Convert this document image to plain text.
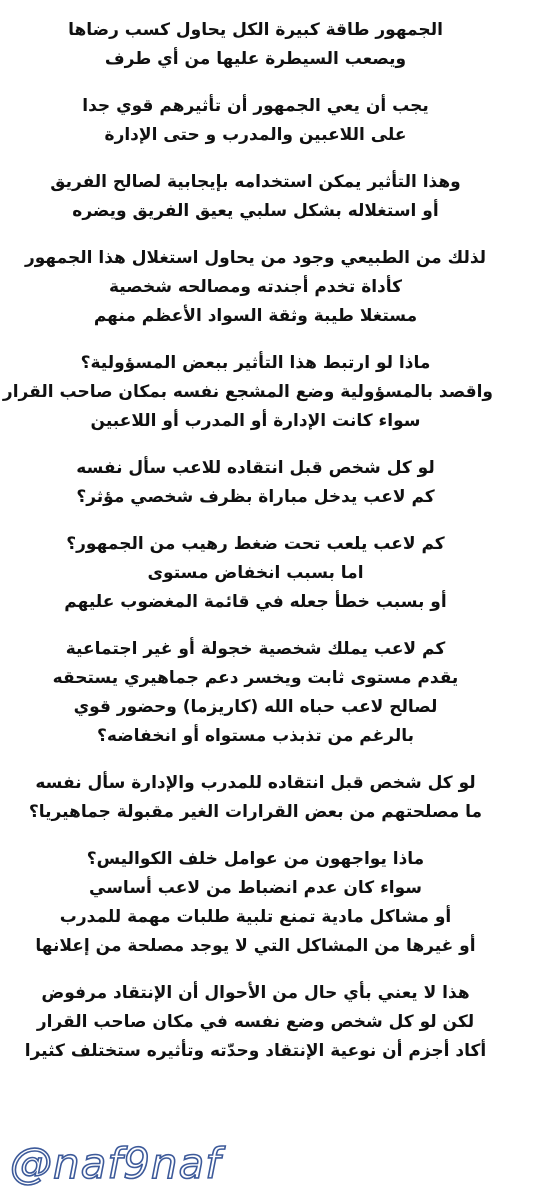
الجمهور طاقة كبيرة الكل يحاول كسب رضاها
ويصعب السيطرة عليها من أي طرف
يجب أن يعي الجمهور أن تأثيرهم قوي جدا
على اللاعبين والمدرب و حتى الإدارة
وهذا التأثير يمكن استخدامه بإيجابية لصالح الفريق
أو استغلاله بشكل سلبي يعيق الفريق ويضره
لذلك من الطبيعي وجود من يحاول استغلال هذا الجمهور
كأداة تخدم أجندته ومصالحه شخصية
مستغلا طيبة وثقة السواد الأعظم منهم
ماذا لو ارتبط هذا التأثير ببعض المسؤولية؟
واقصد بالمسؤولية وضع المشجع نفسه بمكان صاحب القرار
سواء كانت الإدارة أو المدرب أو اللاعبين
لو كل شخص قبل انتقاده للاعب سأل نفسه
كم لاعب يدخل مباراة بظرف شخصي مؤثر؟
كم لاعب يلعب تحت ضغط رهيب من الجمهور؟
اما بسبب انخفاض مستوى
أو بسبب خطأ جعله في قائمة المغضوب عليهم
كم لاعب يملك شخصية خجولة أو غير اجتماعية
يقدم مستوى ثابت ويخسر دعم جماهيري يستحقه
لصالح لاعب حباه الله (كاريزما) وحضور قوي
بالرغم من تذبذب مستواه أو انخفاضه؟
لو كل شخص قبل انتقاده للمدرب والإدارة سأل نفسه
ما مصلحتهم من بعض القرارات الغير مقبولة جماهيريا؟
ماذا يواجهون من عوامل خلف الكواليس؟
سواء كان عدم انضباط من لاعب أساسي
أو مشاكل مادية تمنع تلبية طلبات مهمة للمدرب
أو غيرها من المشاكل التي لا يوجد مصلحة من إعلانها
هذا لا يعني بأي حال من الأحوال أن الإنتقاد مرفوض
لكن لو كل شخص وضع نفسه في مكان صاحب القرار
أكاد أجزم أن نوعية الإنتقاد وحدّته وتأثيره ستختلف كثيرا
@naf9naf
